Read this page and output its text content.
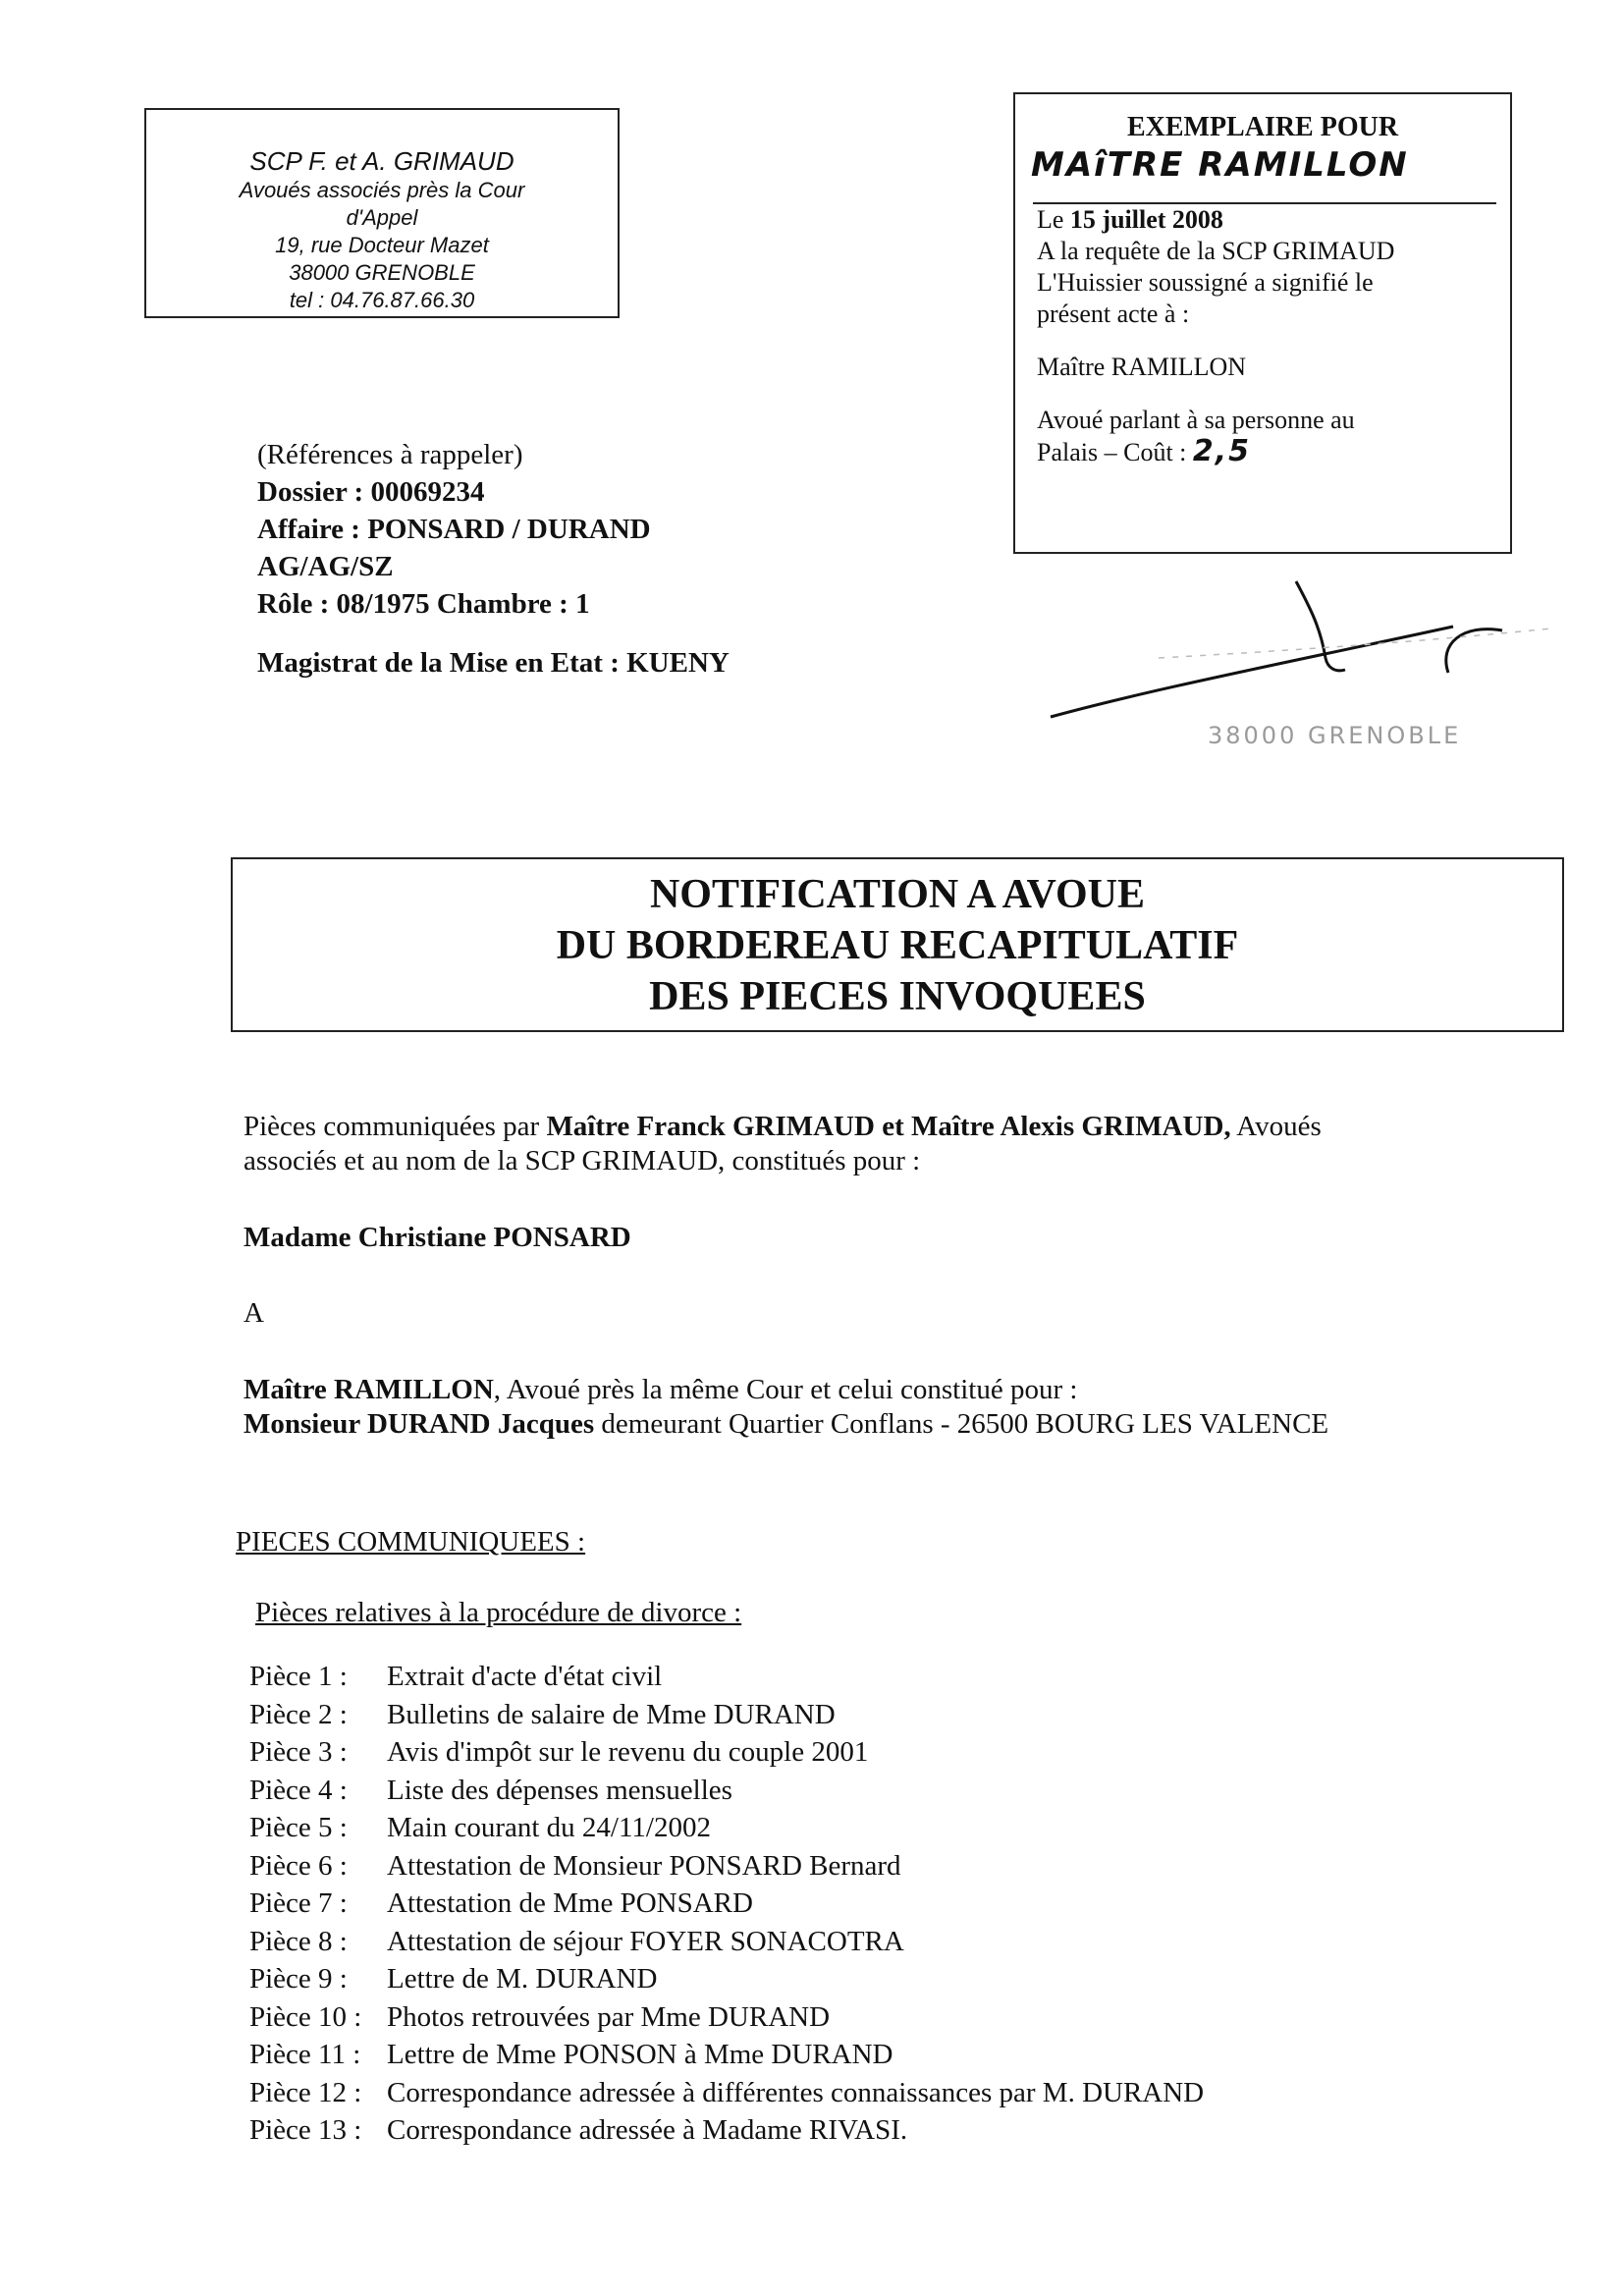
SCP F. et A. GRIMAUD
Avoués associés près la Cour
d'Appel
19, rue Docteur Mazet
38000 GRENOBLE
tel : 04.76.87.66.30
EXEMPLAIRE POUR
MAîTRE RAMILLON
Le 15 juillet 2008
A la requête de la SCP GRIMAUD
L'Huissier soussigné a signifié le
présent acte à :
Maître RAMILLON
Avoué parlant à sa personne au
Palais – Coût : 2,5
38000 GRENOBLE
(Références à rappeler)
Dossier : 00069234
Affaire : PONSARD / DURAND
AG/AG/SZ
Rôle : 08/1975 Chambre : 1
Magistrat de la Mise en Etat : KUENY
NOTIFICATION A AVOUE
DU BORDEREAU RECAPITULATIF
DES PIECES INVOQUEES
Pièces communiquées par Maître Franck GRIMAUD et Maître Alexis GRIMAUD, Avoués
associés et au nom de la SCP GRIMAUD, constitués pour :
Madame Christiane PONSARD
A
Maître RAMILLON, Avoué près la même Cour et celui constitué pour :
Monsieur DURAND Jacques demeurant Quartier Conflans - 26500 BOURG LES VALENCE
PIECES COMMUNIQUEES :
Pièces relatives à la procédure de divorce :
Pièce 1 : Extrait d'acte d'état civil
Pièce 2 : Bulletins de salaire de Mme DURAND
Pièce 3 : Avis d'impôt sur le revenu du couple 2001
Pièce 4 : Liste des dépenses mensuelles
Pièce 5 : Main courant du 24/11/2002
Pièce 6 : Attestation de Monsieur PONSARD Bernard
Pièce 7 : Attestation de Mme PONSARD
Pièce 8 : Attestation de séjour FOYER SONACOTRA
Pièce 9 : Lettre de M. DURAND
Pièce 10 : Photos retrouvées par Mme DURAND
Pièce 11 : Lettre de Mme PONSON à Mme DURAND
Pièce 12 : Correspondance adressée à différentes connaissances par M. DURAND
Pièce 13 : Correspondance adressée à Madame RIVASI.
